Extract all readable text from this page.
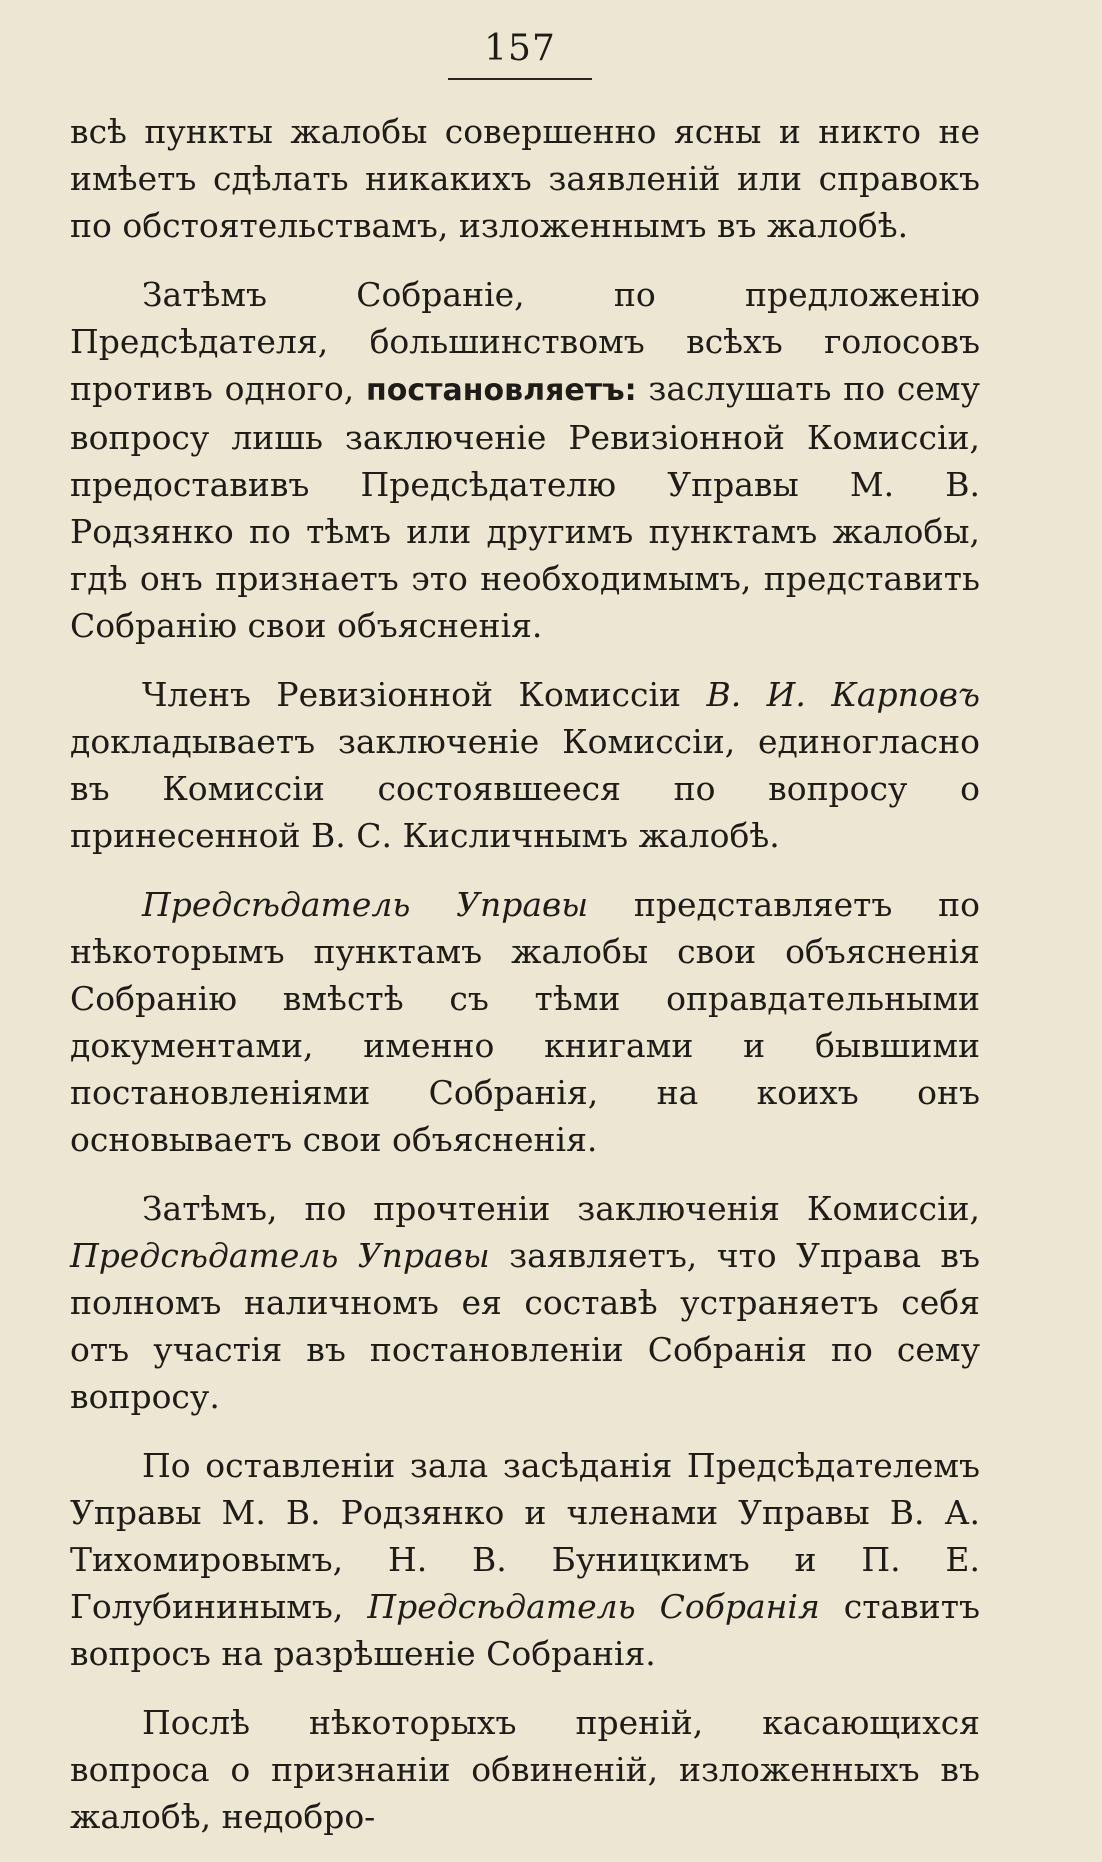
157

всѣ пункты жалобы совершенно ясны и никто не имѣетъ сдѣлать никакихъ заявленій или справокъ по обстоятельствамъ, изложеннымъ въ жалобѣ.

Затѣмъ Собраніе, по предложенію Предсѣдателя, большинствомъ всѣхъ голосовъ противъ одного, постановляетъ: заслушать по сему вопросу лишь заключеніе Ревизіонной Комиссіи, предоставивъ Предсѣдателю Управы М. В. Родзянко по тѣмъ или другимъ пунктамъ жалобы, гдѣ онъ признаетъ это необходимымъ, представить Собранію свои объясненія.

Членъ Ревизіонной Комиссіи В. И. Карповъ докладываетъ заключеніе Комиссіи, единогласно въ Комиссіи состоявшееся по вопросу о принесенной В. С. Кисличнымъ жалобѣ.

Предсѣдатель Управы представляетъ по нѣкоторымъ пунктамъ жалобы свои объясненія Собранію вмѣстѣ съ тѣми оправдательными документами, именно книгами и бывшими постановленіями Собранія, на коихъ онъ основываетъ свои объясненія.

Затѣмъ, по прочтеніи заключенія Комиссіи, Предсѣдатель Управы заявляетъ, что Управа въ полномъ наличномъ ея составѣ устраняетъ себя отъ участія въ постановленіи Собранія по сему вопросу.

По оставленіи зала засѣданія Предсѣдателемъ Управы М. В. Родзянко и членами Управы В. А. Тихомировымъ, Н. В. Буницкимъ и П. Е. Голубининымъ, Предсѣдатель Собранія ставитъ вопросъ на разрѣшеніе Собранія.

Послѣ нѣкоторыхъ преній, касающихся вопроса о признаніи обвиненій, изложенныхъ въ жалобѣ, недобро-
